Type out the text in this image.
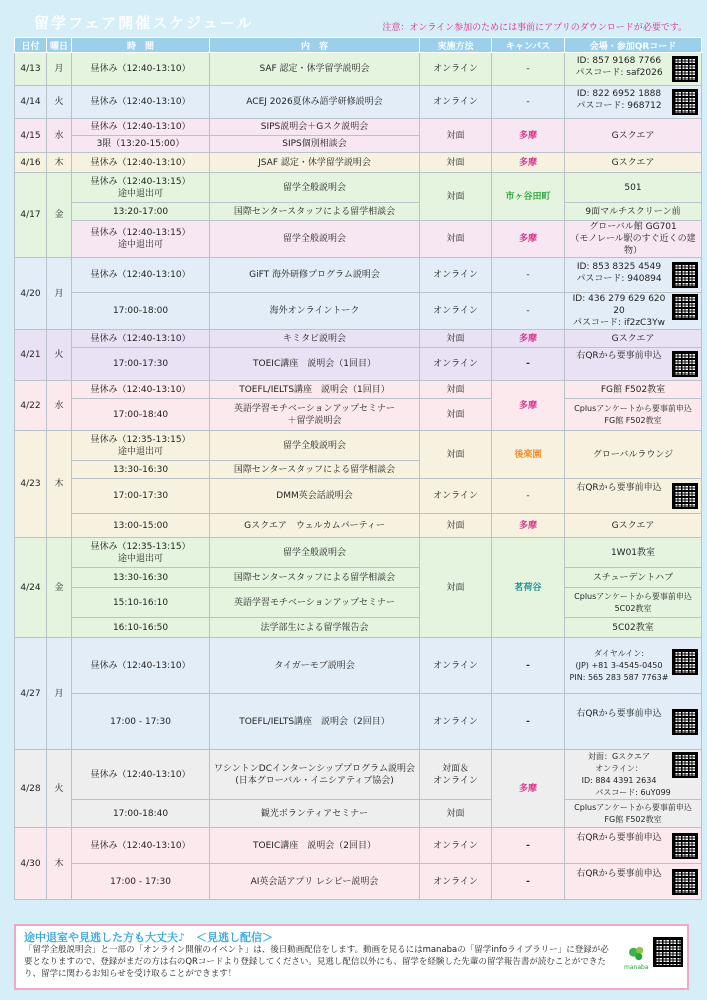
留学フェア開催スケジュール	注意：オンライン参加のためには事前にアプリのダウンロードが必要です。
日付	曜日	時　間	内　容	実施方法	キャンパス	会場・参加QRコード
4/13	月	昼休み（12:40-13:10）	SAF 認定・休学留学説明会	オンライン	-	ID: 857 9168 7766
パスコード: saf2026
4/14	火	昼休み（12:40-13:10）	ACEJ 2026夏休み語学研修説明会	オンライン	-	ID: 822 6952 1888
パスコード: 968712
4/15	水	昼休み（12:40-13:10）	SIPS説明会＋Gスク説明会	対面	多摩	Gスクエア
		3限（13:20-15:00）	SIPS個別相談会			
4/16	木	昼休み（12:40-13:10）	JSAF 認定・休学留学説明会	対面	多摩	Gスクエア
4/17	金	昼休み（12:40-13:15）
途中退出可	留学全般説明会	対面	市ヶ谷田町	501
		13:20-17:00	国際センタースタッフによる留学相談会			9面マルチスクリーン前
		昼休み（12:40-13:15）
途中退出可	留学全般説明会	対面	多摩	グローバル館 GG701
（モノレール駅のすぐ近くの建物）
4/20	月	昼休み（12:40-13:10）	GiFT 海外研修プログラム説明会	オンライン	-	ID: 853 8325 4549
パスコード: 940894
		17:00-18:00	海外オンライントーク	オンライン	-	ID: 436 279 629 620 20
パスコード: if2zC3Yw
4/21	火	昼休み（12:40-13:10）	キミタビ説明会	対面	多摩	Gスクエア
		17:00-17:30	TOEIC講座　説明会（1回目）	オンライン	-	右QRから要事前申込
4/22	水	昼休み（12:40-13:10）	TOEFL/IELTS講座　説明会（1回目）	対面	多摩	FG館 F502教室
		17:00-18:40	英語学習モチベーションアップセミナー
＋留学説明会	対面		Cplusアンケートから要事前申込
FG館 F502教室
4/23	木	昼休み（12:35-13:15）
途中退出可	留学全般説明会	対面	後楽園	グローバルラウンジ
		13:30-16:30	国際センタースタッフによる留学相談会			
		17:00-17:30	DMM英会話説明会	オンライン	-	右QRから要事前申込
		13:00-15:00	Gスクエア　ウェルカムパーティー	対面	多摩	Gスクエア
4/24	金	昼休み（12:35-13:15）
途中退出可	留学全般説明会	対面	茗荷谷	1W01教室
		13:30-16:30	国際センタースタッフによる留学相談会			スチューデントハブ
		15:10-16:10	英語学習モチベーションアップセミナー			Cplusアンケートから要事前申込
5C02教室
		16:10-16:50	法学部生による留学報告会			5C02教室
4/27	月	昼休み（12:40-13:10）	タイガーモブ説明会	オンライン	-	ダイヤルイン:
(JP) +81 3-4545-0450
PIN: 565 283 587 7763#
		17:00 - 17:30	TOEFL/IELTS講座　説明会（2回目）	オンライン	-	右QRから要事前申込
4/28	火	昼休み（12:40-13:10）	ワシントンDCインターンシッププログラム説明会
(日本グローバル・イニシアティブ協会)	対面＆
オンライン	多摩	対面：Gスクエア
オンライン：
ID: 884 4391 2634
パスコード: 6uY099
		17:00-18:40	観光ボランティアセミナー	対面		Cplusアンケートから要事前申込
FG館 F502教室
4/30	木	昼休み（12:40-13:10）	TOEIC講座　説明会（2回目）	オンライン	-	右QRから要事前申込
		17:00 - 17:30	AI英会話アプリ レシピー説明会	オンライン	-	右QRから要事前申込
途中退室や見逃した方も大丈夫♪　＜見逃し配信＞
「留学全般説明会」と一部の「オンライン開催のイベント」は、後日動画配信をします。動画を見るにはmanabaの「留学infoライブラリー」に登録が必要となりますので、登録がまだの方は右のQRコードより登録してください。見逃し配信以外にも、留学を経験した先輩の留学報告書が読むことができたり、留学に関わるお知らせを受け取ることができます！
manaba
